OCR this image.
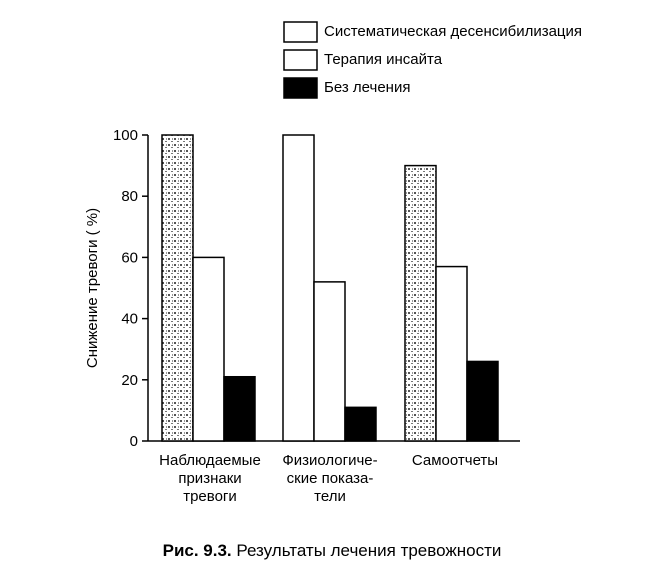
0
20
40
60
80
100
Снижение тревоги ( %)
Наблюдаемые
признаки
тревоги
Физиологиче-
ские показа-
тели
Самоотчеты
Систематическая десенсибилизация
Терапия инсайта
Без лечения
Рис. 9.3. Результаты лечения тревожности
